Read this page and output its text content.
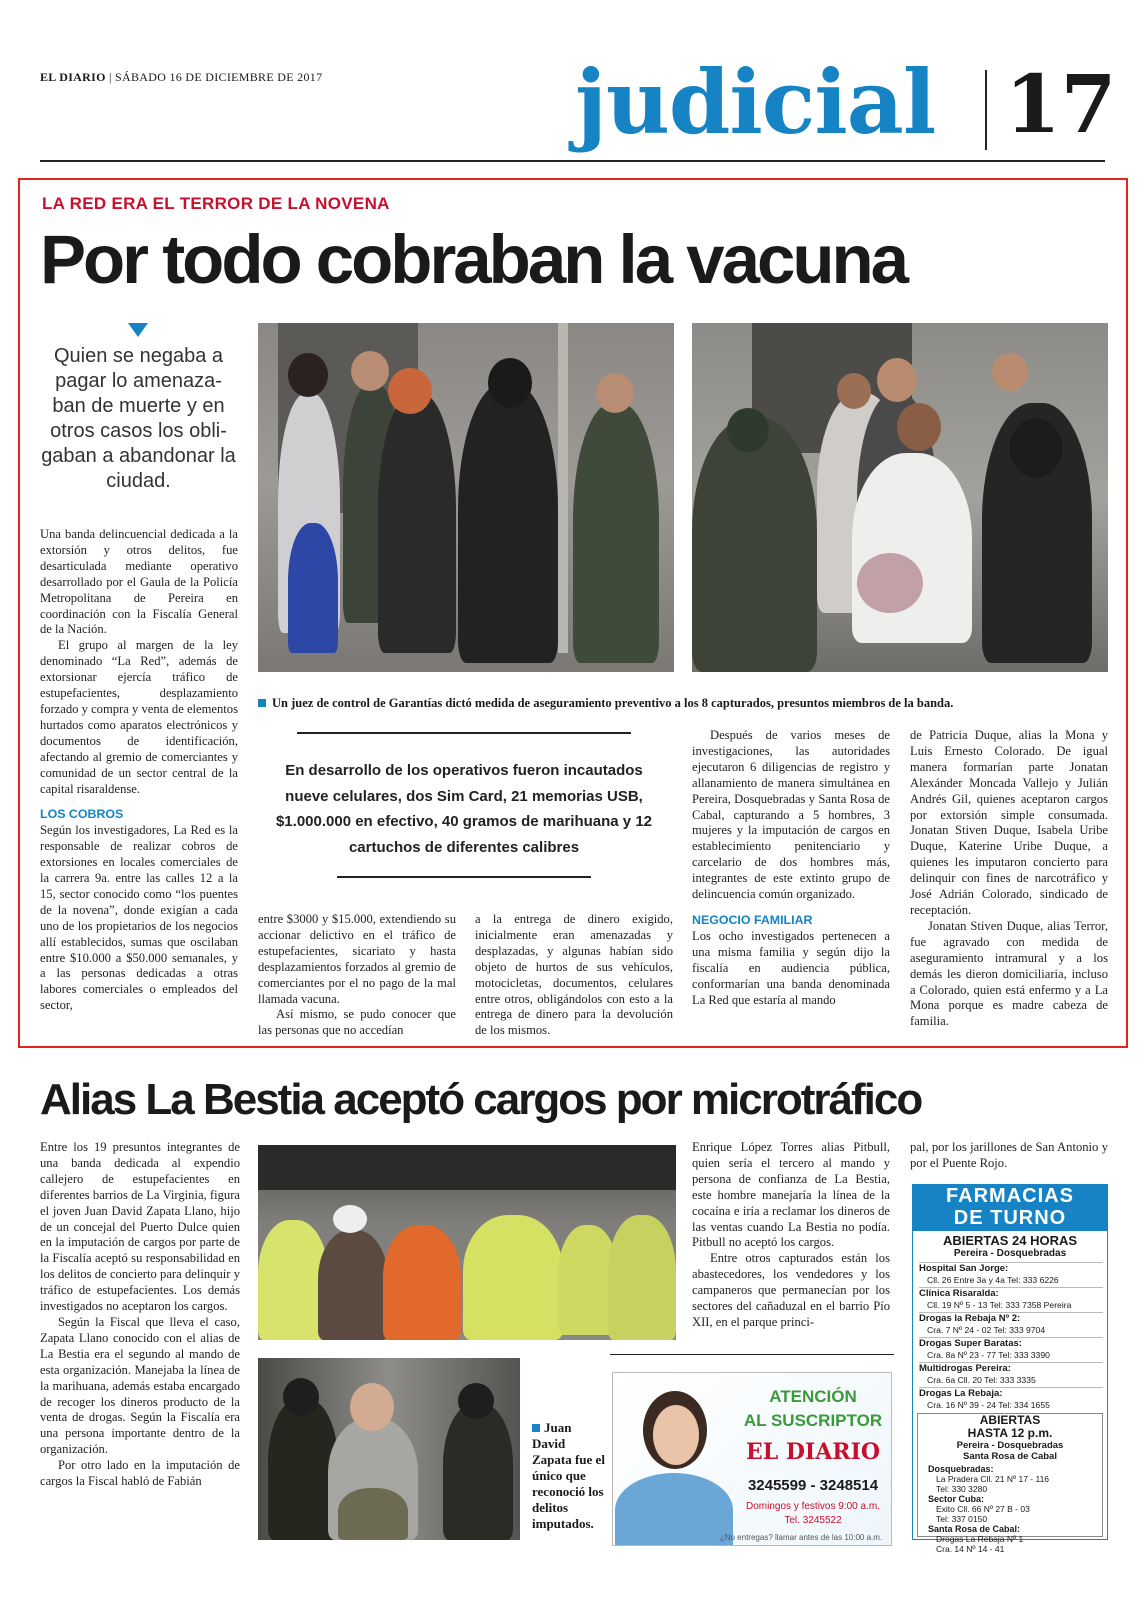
EL DIARIO | SÁBADO 16 DE DICIEMBRE DE 2017	judicial 17
LA RED ERA EL TERROR DE LA NOVENA
Por todo cobraban la vacuna
Quien se negaba a pagar lo amenaza-ban de muerte y en otros casos los obli-gaban a abandonar la ciudad.
Un juez de control de Garantías dictó medida de aseguramiento preventivo a los 8 capturados, presuntos miembros de la banda.

Una banda delincuencial dedicada a la extorsión y otros delitos, fue desarticulada mediante operativo desarrollado por el Gaula de la Policía Metropolitana de Pereira en coordinación con la Fiscalía General de la Nación.

El grupo al margen de la ley denominado “La Red”, además de extorsionar ejercía tráfico de estupefacientes, desplazamiento forzado y compra y venta de elementos hurtados como aparatos electrónicos y documentos de identificación, afectando al gremio de comerciantes y comunidad de un sector central de la capital risaraldense.

LOS COBROS

Según los investigadores, La Red es la responsable de realizar cobros de extorsiones en locales comerciales de la carrera 9a. entre las calles 12 a la 15, sector conocido como “los puentes de la novena”, donde exigían a cada uno de los propietarios de los negocios allí establecidos, sumas que oscilaban entre $10.000 a $50.000 semanales, y a las personas dedicadas a otras labores comerciales o empleados del sector,

En desarrollo de los operativos fueron incautados nueve celulares, dos Sim Card, 21 memorias USB, $1.000.000 en efectivo, 40 gramos de marihuana y 12 cartuchos de diferentes calibres

entre $3000 y $15.000, extendiendo su accionar delictivo en el tráfico de estupefacientes, sicariato y hasta desplazamientos forzados al gremio de comerciantes por el no pago de la mal llamada vacuna.

Así mismo, se pudo conocer que las personas que no accedían

a la entrega de dinero exigido, inicialmente eran amenazadas y desplazadas, y algunas habían sido objeto de hurtos de sus vehículos, motocicletas, documentos, celulares entre otros, obligándolos con esto a la entrega de dinero para la devolución de los mismos.

Después de varios meses de investigaciones, las autoridades ejecutaron 6 diligencias de registro y allanamiento de manera simultánea en Pereira, Dosquebradas y Santa Rosa de Cabal, capturando a 5 hombres, 3 mujeres y la imputación de cargos en establecimiento penitenciario y carcelario de dos hombres más, integrantes de este extinto grupo de delincuencia común organizado.

NEGOCIO FAMILIAR

Los ocho investigados pertenecen a una misma familia y según dijo la fiscalía en audiencia pública, conformarían una banda denominada La Red que estaría al mando

de Patricia Duque, alias la Mona y Luis Ernesto Colorado. De igual manera formarían parte Jonatan Alexánder Moncada Vallejo y Julián Andrés Gil, quienes aceptaron cargos por extorsión simple consumada. Jonatan Stiven Duque, Isabela Uribe Duque, Katerine Uribe Duque, a quienes les imputaron concierto para delinquir con fines de narcotráfico y José Adrián Colorado, sindicado de receptación.

Jonatan Stiven Duque, alias Terror, fue agravado con medida de aseguramiento intramural y a los demás les dieron domiciliaria, incluso a Colorado, quien está enfermo y a La Mona porque es madre cabeza de familia.

Alias La Bestia aceptó cargos por microtráfico

Entre los 19 presuntos integrantes de una banda dedicada al expendio callejero de estupefacientes en diferentes barrios de La Virginia, figura el joven Juan David Zapata Llano, hijo de un concejal del Puerto Dulce quien en la imputación de cargos por parte de la Fiscalía aceptó su responsabilidad en los delitos de concierto para delinquir y tráfico de estupefacientes. Los demás investigados no aceptaron los cargos.

Según la Fiscal que lleva el caso, Zapata Llano conocido con el alias de La Bestia era el segundo al mando de esta organización. Manejaba la línea de la marihuana, además estaba encargado de recoger los dineros producto de la venta de drogas. Según la Fiscalía era una persona importante dentro de la organización.

Por otro lado en la imputación de cargos la Fiscal habló de Fabián

Juan David Zapata fue el único que reconoció los delitos imputados.

Enrique López Torres alias Pitbull, quien sería el tercero al mando y persona de confianza de La Bestia, este hombre manejaría la línea de la cocaína e iría a reclamar los dineros de las ventas cuando La Bestia no podía. Pitbull no aceptó los cargos.

Entre otros capturados están los abastecedores, los vendedores y los campaneros que permanecían por los sectores del cañaduzal en el barrio Pío XII, en el parque princi-

pal, por los jarillones de San Antonio y por el Puente Rojo.

ATENCIÓN
AL SUSCRIPTOR
EL DIARIO
3245599 - 3248514
Domingos y festivos 9:00 a.m.
Tel. 3245522
¿No entregas? llamar antes de las 10:00 a.m.
FARMACIAS
DE TURNO
ABIERTAS 24 HORAS
Pereira - Dosquebradas
Hospital San Jorge:
Cll. 26 Entre 3a y 4a Tel: 333 6226
Clínica Risaralda:
Cll. 19 Nº 5 - 13 Tel: 333 7358 Pereira
Drogas la Rebaja Nº 2:
Cra. 7 Nº 24 - 02 Tel: 333 9704
Drogas Super Baratas:
Cra. 8a Nº 23 - 77 Tel: 333 3390
Multidrogas Pereira:
Cra. 6a Cll. 20 Tel: 333 3335
Drogas La Rebaja:
Cra. 16 Nº 39 - 24 Tel: 334 1655
ABIERTAS
HASTA 12 p.m.
Pereira - Dosquebradas
Santa Rosa de Cabal
Dosquebradas:
La Pradera Cll. 21 Nº 17 - 116
Tel: 330 3280
Sector Cuba:
Exito Cll. 66 Nº 27 B - 03
Tel: 337 0150
Santa Rosa de Cabal:
Drogas La Rebaja Nº 1
Cra. 14 Nº 14 - 41
